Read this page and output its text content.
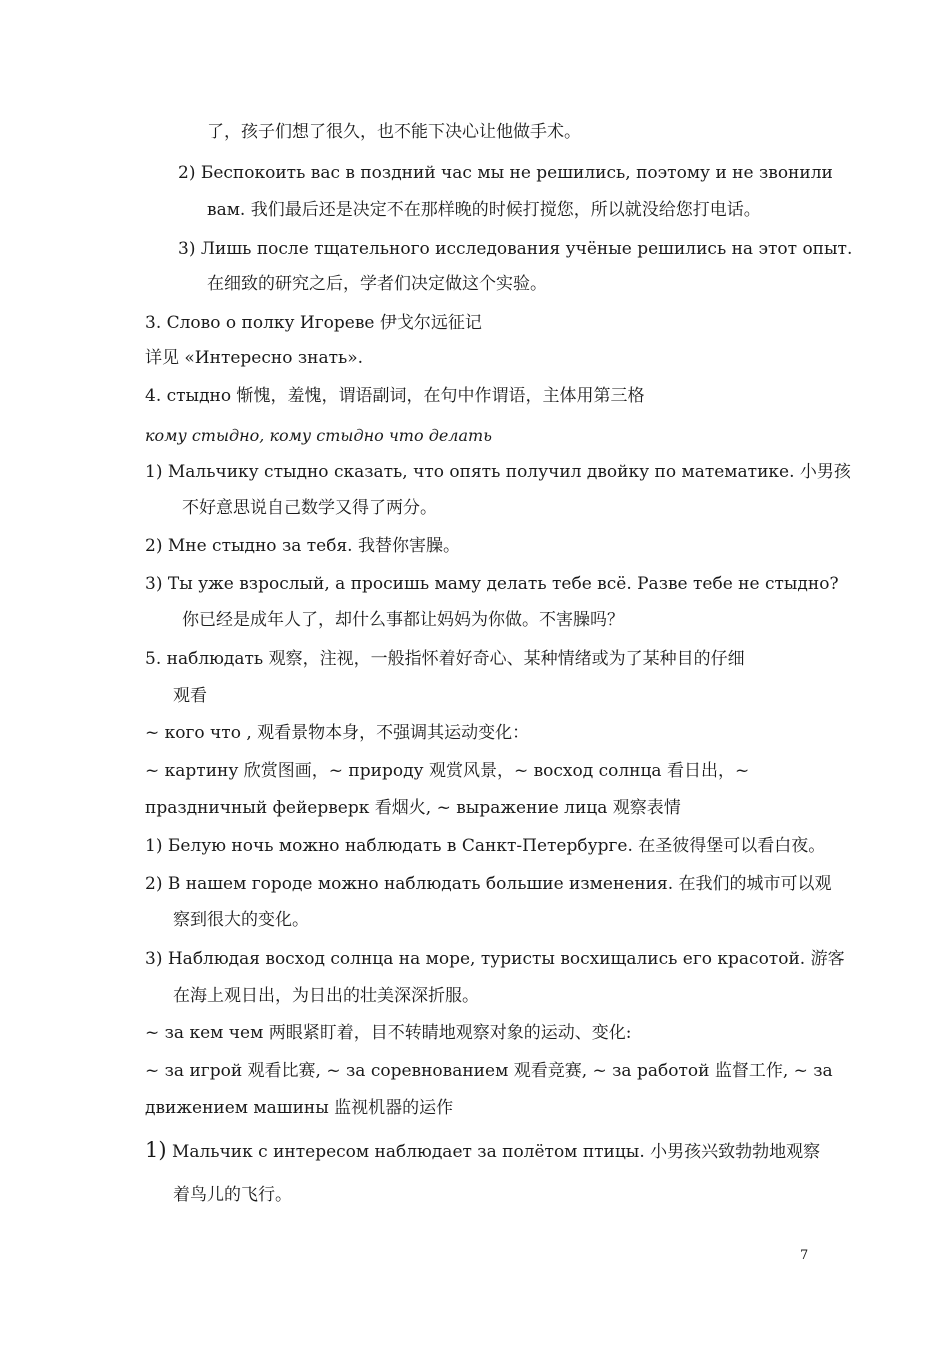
了，孩子们想了很久，也不能下决心让他做手术。
2) Беспокоить вас в поздний час мы не решились, поэтому и не звонили
вам. 我们最后还是决定不在那样晚的时候打搅您，所以就没给您打电话。
3) Лишь после тщательного исследования учёные решились на этот опыт.
在细致的研究之后，学者们决定做这个实验。
3. Слово о полку Игореве 伊戈尔远征记
详见 «Интересно знать».
4. стыдно 惭愧，羞愧，谓语副词，在句中作谓语，主体用第三格
кому стыдно, кому стыдно что делать
1) Мальчику стыдно сказать, что опять получил двойку по математике. 小男孩
不好意思说自己数学又得了两分。
2) Мне стыдно за тебя. 我替你害臊。
3) Ты уже взрослый, а просишь маму делать тебе всё. Разве тебе не стыдно?
你已经是成年人了，却什么事都让妈妈为你做。不害臊吗？
5. наблюдать 观察，注视，一般指怀着好奇心、某种情绪或为了某种目的仔细
观看
~ кого что , 观看景物本身，不强调其运动变化：
~ картину 欣赏图画，~ природу 观赏风景，~ восход солнца 看日出，~
праздничный фейерверк 看烟火, ~ выражение лица 观察表情
1) Белую ночь можно наблюдать в Санкт-Петербурге. 在圣彼得堡可以看白夜。
2) В нашем городе можно наблюдать большие изменения. 在我们的城市可以观
察到很大的变化。
3) Наблюдая восход солнца на море, туристы восхищались его красотой. 游客
在海上观日出，为日出的壮美深深折服。
~ за кем чем 两眼紧盯着，目不转睛地观察对象的运动、变化:
~ за игрой 观看比赛, ~ за соревнованием 观看竞赛, ~ за работой 监督工作, ~ за
движением машины 监视机器的运作
1) Мальчик с интересом наблюдает за полётом птицы. 小男孩兴致勃勃地观察
着鸟儿的飞行。
7
